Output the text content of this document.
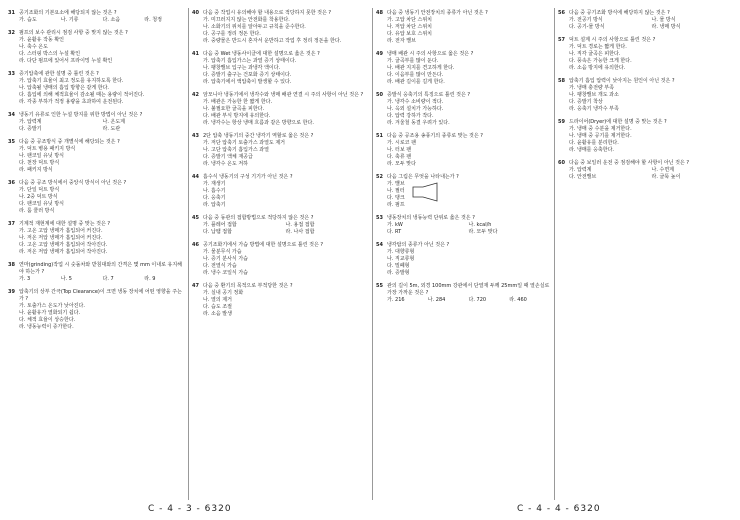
31 공기조화의 기본요소에 해당되지 않는 것은 ?
가. 습도	나. 기류	다. 소음	라. 청정
32 펌프의 보수 관리시 점검 사항 중 맞지 않는 것은 ?
가. 윤활유 작동 확인
나. 축수 온도
다. 스터핑 박스의 누설 확인
라. 다단 펌프에 있어서 프라이밍 누설 확인
33 증기압축에 관한 설명 중 틀린 것은 ?
가. 압축기 효율이 최고 정도를 유지하도록 한다.
나. 압축될 냉매의 흡입 방향은 같게 한다.
다. 흡입에 의해 체적효율이 감소될 때는 용량이 적어진다.
라. 각종 부하가 적정 용량을 초과하여 운전된다.
34 냉동기 유류로 인한 누설 방지를 위한 방법이 아닌 것은 ?
가. 압력계	나. 온도계
다. 증발기	라. 도관
35 다음 중 공조방식 중 개별식에 해당되는 것은 ?
가. 덕트 병용 패키지 방식
나. 팬코일 유닛 방식
다. 천장 덕트 방식
라. 패키지 방식
36 다음 중 공조 방식에서 중앙식 방식이 아닌 것은 ?
가. 단일 덕트 방식
나. 2중 덕트 방식
다. 팬코일 유닛 방식
라. 룸 쿨러 방식
37 기계적 재현계에 대한 설명 중 맞는 것은 ?
가. 고온 고압 냉매가 흡입되어 커진다.
나. 저온 저압 냉매가 흡입되어 커진다.
다. 고온 고압 냉매가 흡입되어 작아진다.
라. 저온 저압 냉매가 흡입되어 작아진다.
38 연마(grinding)작업 시 숫돌차와 받침대와의 간격은 몇 mm 이내로 유지해야 하는가 ?
가. 3	나. 5	다. 7	라. 9
39 압축기의 상부 간극(Top Clearance)이 크면 냉동 장치에 어떤 영향을 주는가 ?
가. 토출가스 온도가 낮아진다.
나. 윤활유가 열화되기 쉽다.
다. 체적 효율이 상승한다.
라. 냉동능력이 증가한다.
40 다음 중 작업시 유의해야 할 내용으로 적당하지 못한 것은 ?
가. 미끄러지지 않는 안전화를 착용한다.
나. 소화기의 위치를 알아두고 규칙을 준수한다.
다. 공구를 정리 정돈 한다.
라. 중량물은 반드시 혼자서 운반하고 작업 후 정리 정돈을 한다.
41 다음 중 Wet 냉동사이클에 대한 설명으로 옳은 것은 ?
가. 압축기 흡입가스는 과열 증기 상태이다.
나. 팽창밸브 입구는 과냉각 액이다.
다. 증발기 출구는 건포화 증기 상태이다.
라. 압축기에서 액압축이 발생할 수 있다.
42 암모니아 냉동기에서 냉각수와 냉매 배관 연결 시 주의 사항이 아닌 것은 ?
가. 배관은 가능한 한 짧게 한다.
나. 불필요한 굴곡을 피한다.
다. 배관 부식 방지에 유의한다.
라. 냉각수는 항상 냉매 흐름과 같은 방향으로 한다.
43 2단 압축 냉동기의 중간 냉각기 역할로 옳은 것은 ?
가. 저단 압축기 토출가스 과열도 제거
나. 고단 압축기 흡입가스 과열
다. 증발기 액체 재공급
라. 냉각수 온도 저하
44 흡수식 냉동기의 구성 기기가 아닌 것은 ?
가. 재생기
나. 흡수기
다. 응축기
라. 압축기
45 다음 중 동관의 접합방법으로 적당하지 않은 것은 ?
가. 플레어 접합	나. 용접 접합
다. 납땜 접합	라. 나사 접합
46 공기조화기에서 가습 방법에 대한 설명으로 틀린 것은 ?
가. 물분무식 가습
나. 증기 분사식 가습
다. 전열식 가습
라. 냉수 코일식 가습
47 다음 중 환기의 목적으로 부적당한 것은 ?
가. 실내 공기 정화
나. 열의 제거
다. 습도 조절
라. 소음 발생
48 다음 중 냉동기 안전장치의 종류가 아닌 것은 ?
가. 고압 차단 스위치
나. 저압 차단 스위치
다. 유압 보호 스위치
라. 전자 밸브
49 냉매 배관 시 주의 사항으로 옳은 것은 ?
가. 굴곡부를 많이 둔다.
나. 배관 지지를 견고하게 한다.
다. 이음부를 많이 만든다.
라. 배관 길이를 길게 한다.
50 증발식 응축기의 특징으로 틀린 것은 ?
가. 냉각수 소비량이 적다.
나. 옥외 설치가 가능하다.
다. 압력 강하가 작다.
라. 겨울철 동결 우려가 있다.
51 다음 중 공조용 송풍기의 종류로 맞는 것은 ?
가. 시로코 팬
나. 터보 팬
다. 축류 팬
라. 모두 맞다
52 다음 그림은 무엇을 나타내는가 ?
가. 밸브
나. 필터
다. 탱크
라. 펌프
53 냉동장치의 냉동능력 단위로 옳은 것은 ?
가. kW	나. kcal/h
다. RT	라. 모두 맞다
54 냉각탑의 종류가 아닌 것은 ?
가. 대향류형
나. 직교류형
다. 밀폐형
라. 증발형
55 관의 길이 5m, 외경 100mm 강관에서 단열재 두께 25mm일 때 열손실로 가장 가까운 것은 ?
가. 216	나. 284	다. 720	라. 460
56 다음 중 공기조화 방식에 해당하지 않는 것은 ?
가. 전공기 방식	나. 물 방식
다. 공기-물 방식	라. 냉매 방식
57 덕트 설계 시 주의 사항으로 틀린 것은 ?
가. 덕트 경로는 짧게 한다.
나. 직각 굴곡은 피한다.
다. 풍속은 가능한 크게 한다.
라. 소음 방지에 유의한다.
58 압축기 흡입 압력이 낮아지는 원인이 아닌 것은 ?
가. 냉매 충전량 부족
나. 팽창밸브 개도 과소
다. 증발기 착상
라. 응축기 냉각수 부족
59 드라이어(Dryer)에 대한 설명 중 맞는 것은 ?
가. 냉매 중 수분을 제거한다.
나. 냉매 중 공기를 제거한다.
다. 윤활유를 분리한다.
라. 냉매를 응축한다.
60 다음 중 보일러 운전 중 점검해야 할 사항이 아닌 것은 ?
가. 압력계	나. 수면계
다. 안전밸브	라. 굴뚝 높이
C - 4 - 3 - 6320	C - 4 - 4 - 6320
